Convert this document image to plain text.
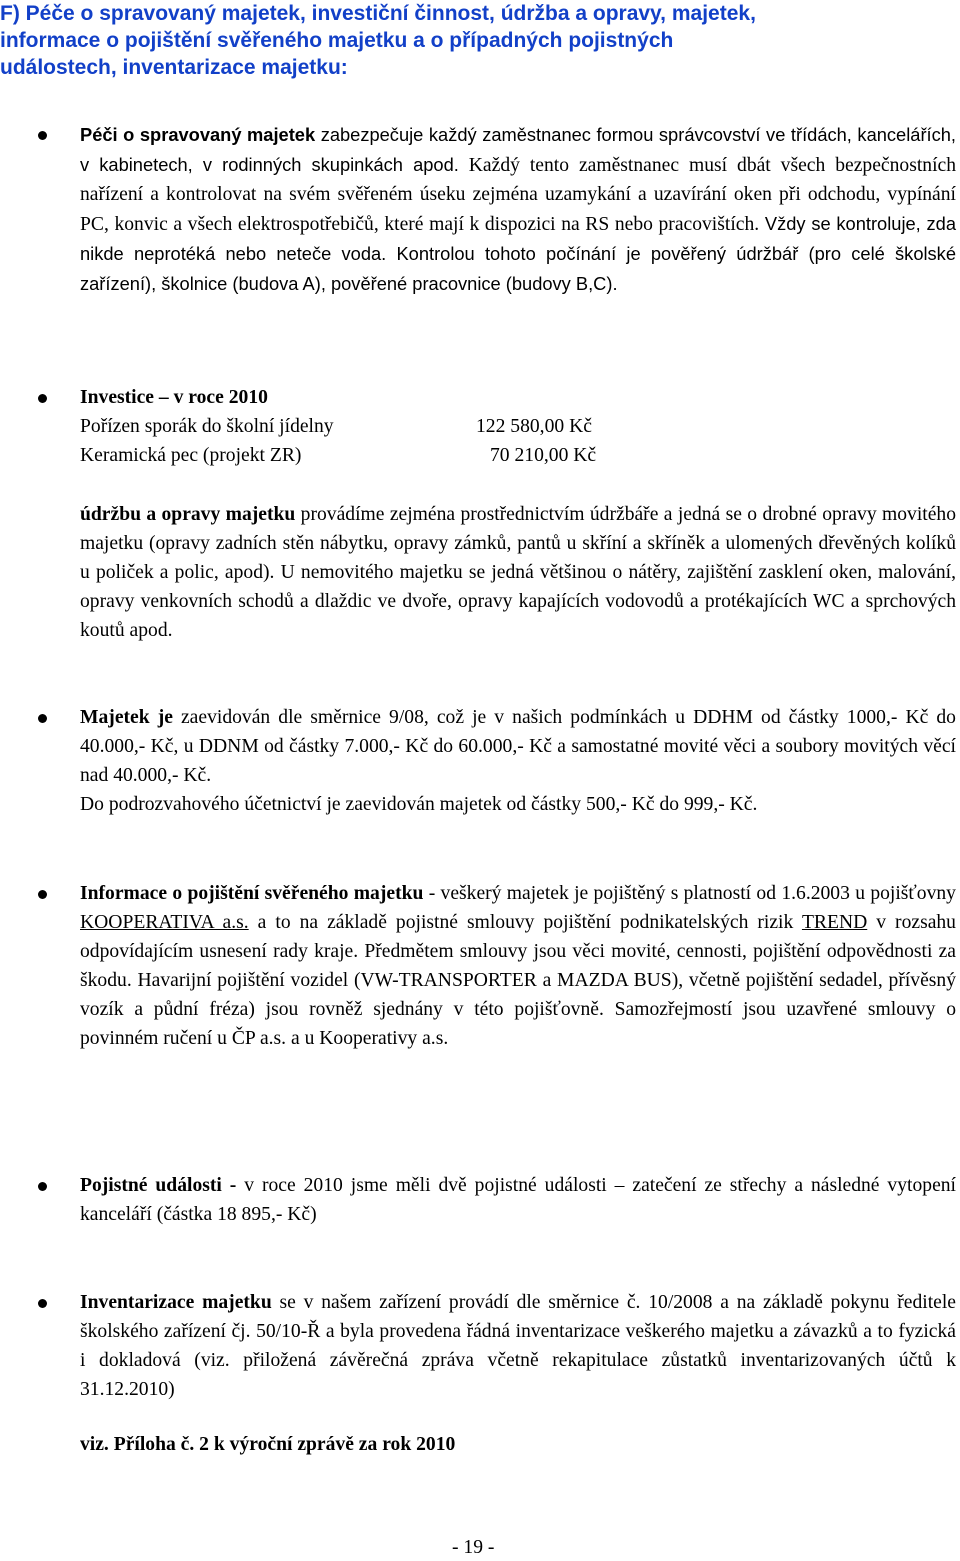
F) Péče o spravovaný majetek, investiční činnost, údržba a opravy, majetek,
informace o pojištění svěřeného majetku a o případných pojistných
událostech, inventarizace majetku:
Péči o spravovaný majetek zabezpečuje každý zaměstnanec formou správcovství ve třídách, kancelářích, v kabinetech, v rodinných skupinkách apod. Každý tento zaměstnanec musí dbát všech bezpečnostních nařízení a kontrolovat na svém svěřeném úseku zejména uzamykání a uzavírání oken při odchodu, vypínání PC, konvic a všech elektrospotřebičů, které mají k dispozici na RS nebo pracovištích. Vždy se kontroluje, zda nikde neprotéká nebo neteče voda. Kontrolou tohoto počínání je pověřený údržbář (pro celé školské zařízení), školnice (budova A), pověřené pracovnice (budovy B,C).
Investice – v roce 2010
Pořízen sporák do školní jídelny	122 580,00 Kč
Keramická pec (projekt ZR)	70 210,00 Kč
údržbu a opravy majetku provádíme zejména prostřednictvím údržbáře a jedná se o drobné opravy movitého majetku (opravy zadních stěn nábytku, opravy zámků, pantů u skříní a skříněk a ulomených dřevěných kolíků u poliček a polic, apod). U nemovitého majetku se jedná většinou o nátěry, zajištění zasklení oken, malování, opravy venkovních schodů a dlaždic ve dvoře, opravy kapajících vodovodů a protékajících WC a sprchových koutů apod.
Majetek je zaevidován dle směrnice 9/08, což je v našich podmínkách u DDHM od částky 1000,- Kč do 40.000,- Kč, u DDNM od částky 7.000,- Kč do 60.000,- Kč a samostatné movité věci a soubory movitých věcí nad 40.000,- Kč.
Do podrozvahového účetnictví je zaevidován majetek od částky 500,- Kč do 999,- Kč.
Informace o pojištění svěřeného majetku - veškerý majetek je pojištěný s platností od 1.6.2003 u pojišťovny KOOPERATIVA a.s. a to na základě pojistné smlouvy pojištění podnikatelských rizik TREND v rozsahu odpovídajícím usnesení rady kraje. Předmětem smlouvy jsou věci movité, cennosti, pojištění odpovědnosti za škodu. Havarijní pojištění vozidel (VW-TRANSPORTER a MAZDA BUS), včetně pojištění sedadel, přívěsný vozík a půdní fréza) jsou rovněž sjednány v této pojišťovně. Samozřejmostí jsou uzavřené smlouvy o povinném ručení u ČP a.s. a u Kooperativy a.s.
Pojistné události - v roce 2010 jsme měli dvě pojistné události – zatečení ze střechy a následné vytopení kanceláří (částka 18 895,- Kč)
Inventarizace majetku se v našem zařízení provádí dle směrnice č. 10/2008 a na základě pokynu ředitele školského zařízení čj. 50/10-Ř a byla provedena řádná inventarizace veškerého majetku a závazků a to fyzická i dokladová (viz. přiložená závěrečná zpráva včetně rekapitulace zůstatků inventarizovaných účtů k 31.12.2010)
viz. Příloha č. 2 k výroční zprávě za rok 2010
- 19 -
